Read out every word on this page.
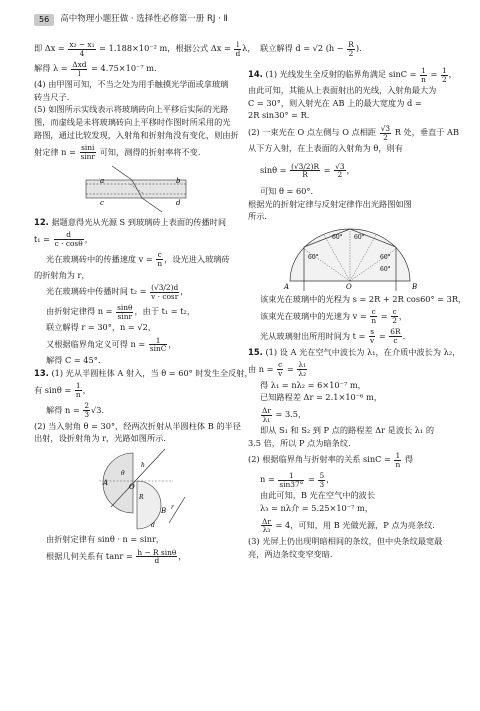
56	高中物理小题狂做 · 选择性必修第一册 RJ · Ⅱ
即 $\Delta x = \frac{\text{x₂ − x₁}}{4} = 1.188\times 10^{-2}$ m，根据公式 $\Delta x = \frac{l}{d}$ λ，
解得 $\lambda = \frac{\text{Δxd}}{l} = 4.75\times 10^{-7}$ m.
(4) 由甲图可知，不当之处为用手触摸光学面或拿玻璃
砖当尺子.
(5) 如图所示实线表示将玻璃砖向上平移后实际的光路
图，而虚线是未将玻璃砖向上平移时作图时所采用的光
路图，通过比较发现，入射角和折射角没有变化，则由折
射定律 $n = \frac{\sin i}{\sin r}$ 可知，测得的折射率将不变.
a	b
c	d
12. 据题意得光从光源 S 到玻璃砖上表面的传播时间
$t_1 = \frac{d}{c \cdot \cos\theta}$ ，
光在玻璃砖中的传播速度 $v = \frac{c}{n}$ ，设光进入玻璃砖
的折射角为 r，
光在玻璃砖中传播时间 $t_2 = \frac{(√3/2)d}{v \cdot \cos r}$ ，
由折射定律得 $n = \frac{\sin\theta}{\sin r}$ ，由于 t₁ = t₂，
联立解得 r = 30°，n = √2，
又根据临界角定义可得 $n = \frac{1}{\sin C}$ ，
解得 C = 45°.
13. (1) 光从半圆柱体 A 射入，当 θ = 60° 时发生全反射，
有 $\sin\theta = \frac{1}{n}$ ，
解得 $n = \frac{2}{3} √3$.
(2) 当入射角 θ = 30°，经两次折射从半圆柱体 B 的半径
出射，设折射角为 r，光路如图所示.
A
B
O
θ
r
h
R
d
由折射定律有 sinθ · n = sinr，
根据几何关系有 $\tan r = \frac{\text{h − R sinθ}}{d}$ ，
联立解得 d = √2 ($h - \frac{R}{2}$ ).
14. (1) 光线发生全反射的临界角满足 $\sin C = \frac{1}{n} = \frac{1}{2}$ ，
由此可知，其能从上表面射出的光线，入射角最大为
C = 30°，则入射光在 AB 上的最大宽度为 d =
2R sin30° = R.
(2) 一束光在 O 点左侧与 O 点相距 $\frac{√3}{2}$ R 处，垂直于 AB
从下方入射，在上表面的入射角为 θ，则有
$\sin\theta = \frac{(√3/2)R}{R} = \frac{√3}{2}$ ，
可知 θ = 60°.
根据光的折射定律与反射定律作出光路图如图
所示.
A	B
O
60° 60°
60°	60°
60°
该束光在玻璃中的光程为 s = 2R + 2R cos60° = 3R，
该束光在玻璃中的光速为 $v = \frac{c}{n} = \frac{c}{2}$ ，
光从玻璃射出所用时间为 $t = \frac{s}{v} = \frac{6R}{c}$ .
15. (1) 设 A 光在空气中波长为 λ₁，在介质中波长为 λ₂，
由 $n = \frac{c}{v} = \frac{\text{λ₁}}{\text{λ₂}}$
得 λ₁ = nλ₂ = 6×10⁻⁷ m，
已知路程差 Δr = 2.1×10⁻⁶ m，
$\frac{\Delta r}{\text{λ₁}} = 3.5$，
即从 S₁ 和 S₂ 到 P 点的路程差 Δr 是波长 λ₁ 的
3.5 倍，所以 P 点为暗条纹.
(2) 根据临界角与折射率的关系 $\sin C = \frac{1}{n}$ 得
$n = \frac{1}{\sin 37^\circ} = \frac{5}{3}$ ，
由此可知，B 光在空气中的波长
λ₃ = nλ介 = 5.25×10⁻⁷ m，
$\frac{\Delta r}{\text{λ₃}} = 4$，可知，用 B 光做光源，P 点为亮条纹.
(3) 光屏上仍出现明暗相间的条纹，但中央条纹最宽最
亮，两边条纹变窄变暗.
